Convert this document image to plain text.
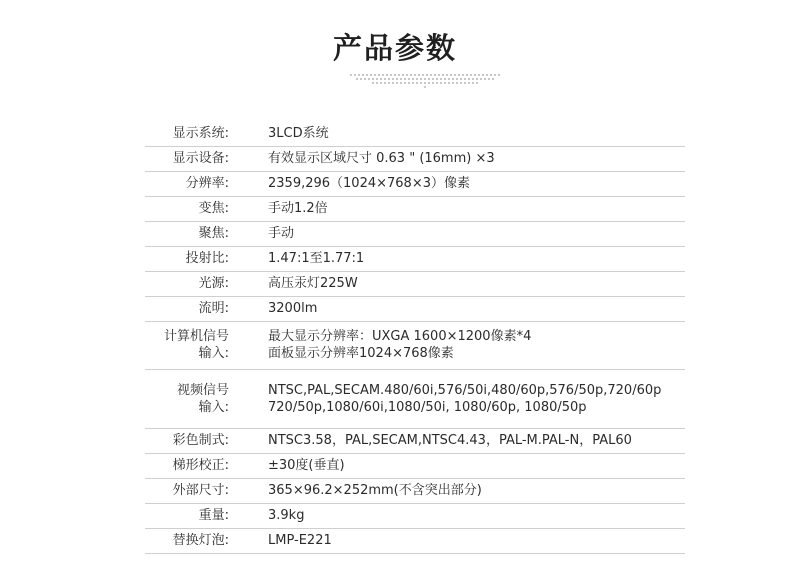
产品参数
显示系统:	3LCD系统
显示设备:	有效显示区域尺寸 0.63 " (16mm) ×3
分辨率:	2359,296（1024×768×3）像素
变焦:	手动1.2倍
聚焦:	手动
投射比:	1.47:1至1.77:1
光源:	高压汞灯225W
流明:	3200lm
计算机信号
输入:	最大显示分辨率：UXGA 1600×1200像素*4
面板显示分辨率1024×768像素
视频信号
输入:	NTSC,PAL,SECAM.480/60i,576/50i,480/60p,576/50p,720/60p
720/50p,1080/60i,1080/50i, 1080/60p, 1080/50p
彩色制式:	NTSC3.58，PAL,SECAM,NTSC4.43，PAL-M.PAL-N，PAL60
梯形校正:	±30度(垂直)
外部尺寸:	365×96.2×252mm(不含突出部分)
重量:	3.9kg
替换灯泡:	LMP-E221
